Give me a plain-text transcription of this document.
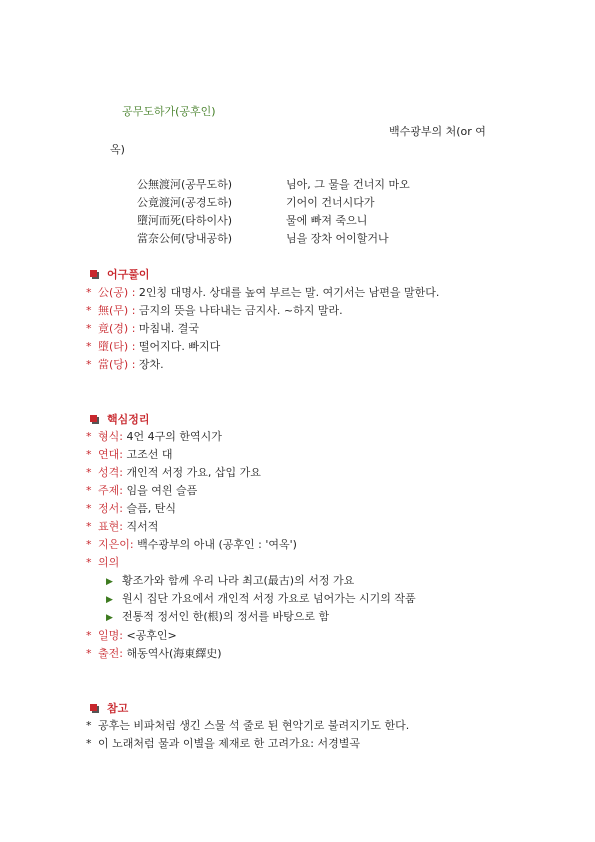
공무도하가(공후인)
백수광부의 처(or 여
옥)
公無渡河(공무도하)	님아, 그 물을 건너지 마오
公竟渡河(공경도하)	기어이 건너시다가
墮河而死(타하이사)	물에 빠져 죽으니
當奈公何(당내공하)	님을 장차 어이할거나
어구풀이
* 公(공) : 2인칭 대명사. 상대를 높여 부르는 말. 여기서는 남편을 말한다.
* 無(무) : 금지의 뜻을 나타내는 금지사. ~하지 말라.
* 竟(경) : 마침내. 결국
* 墮(타) : 떨어지다. 빠지다
* 當(당) : 장차.
핵심정리
* 형식: 4언 4구의 한역시가
* 연대: 고조선 대
* 성격: 개인적 서정 가요, 삽입 가요
* 주제: 임을 여읜 슬픔
* 정서: 슬픔, 탄식
* 표현: 직서적
* 지은이: 백수광부의 아내 (공후인 : '여옥')
* 의의
▶ 황조가와 함께 우리 나라 최고(最古)의 서정 가요
▶ 원시 집단 가요에서 개인적 서정 가요로 넘어가는 시기의 작품
▶ 전통적 정서인 한(根)의 정서를 바탕으로 함
* 일명: <공후인>
* 출전: 해동역사(海東繹史)
참고
* 공후는 비파처럼 생긴 스물 석 줄로 된 현악기로 불려지기도 한다.
* 이 노래처럼 물과 이별을 제재로 한 고려가요: 서경별곡
